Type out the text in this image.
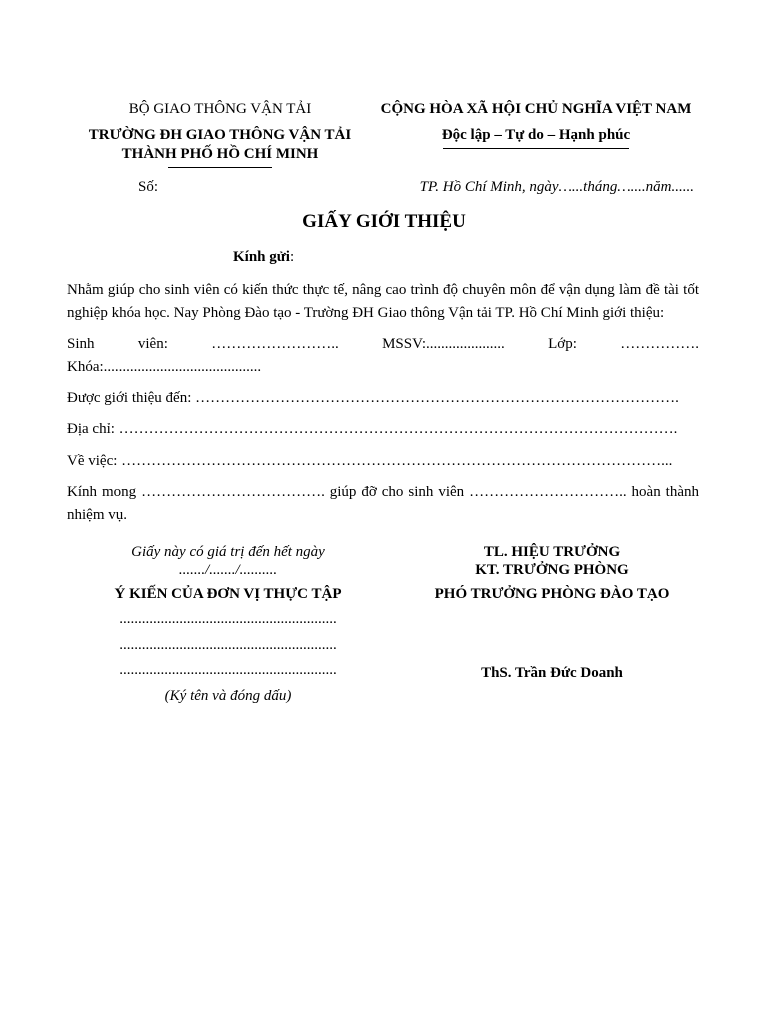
BỘ GIAO THÔNG VẬN TẢI
TRƯỜNG ĐH GIAO THÔNG VẬN TẢI
THÀNH PHỐ HỒ CHÍ MINH
CỘNG HÒA XÃ HỘI CHỦ NGHĨA VIỆT NAM
Độc lập – Tự do – Hạnh phúc
Số:	TP. Hồ Chí Minh, ngày…...tháng…....năm......
GIẤY GIỚI THIỆU
Kính gửi:
Nhằm giúp cho sinh viên có kiến thức thực tế, nâng cao trình độ chuyên môn để vận dụng làm đề tài tốt nghiệp khóa học. Nay Phòng Đào tạo - Trường ĐH Giao thông Vận tải TP. Hồ Chí Minh giới thiệu:
Sinh	viên:	……………………..	MSSV:.....................	Lớp:	…………….
Khóa:..........................................
Được giới thiệu đến: …………………………………………………………………………………….
Địa chỉ: ………………………………………………………………………………………………….
Về việc: ………………………………………………………………………………………………...
Kính mong ………………………………. giúp đỡ cho sinh viên ………………………….. hoàn thành nhiệm vụ.
Giấy này có giá trị đến hết ngày
......./......./..........
TL. HIỆU TRƯỞNG
KT. TRƯỞNG PHÒNG
Ý KIẾN CỦA ĐƠN VỊ THỰC TẬP	PHÓ TRƯỞNG PHÒNG ĐÀO TẠO
..........................................................
..........................................................
..........................................................
(Ký tên và đóng dấu)
ThS. Trần Đức Doanh
